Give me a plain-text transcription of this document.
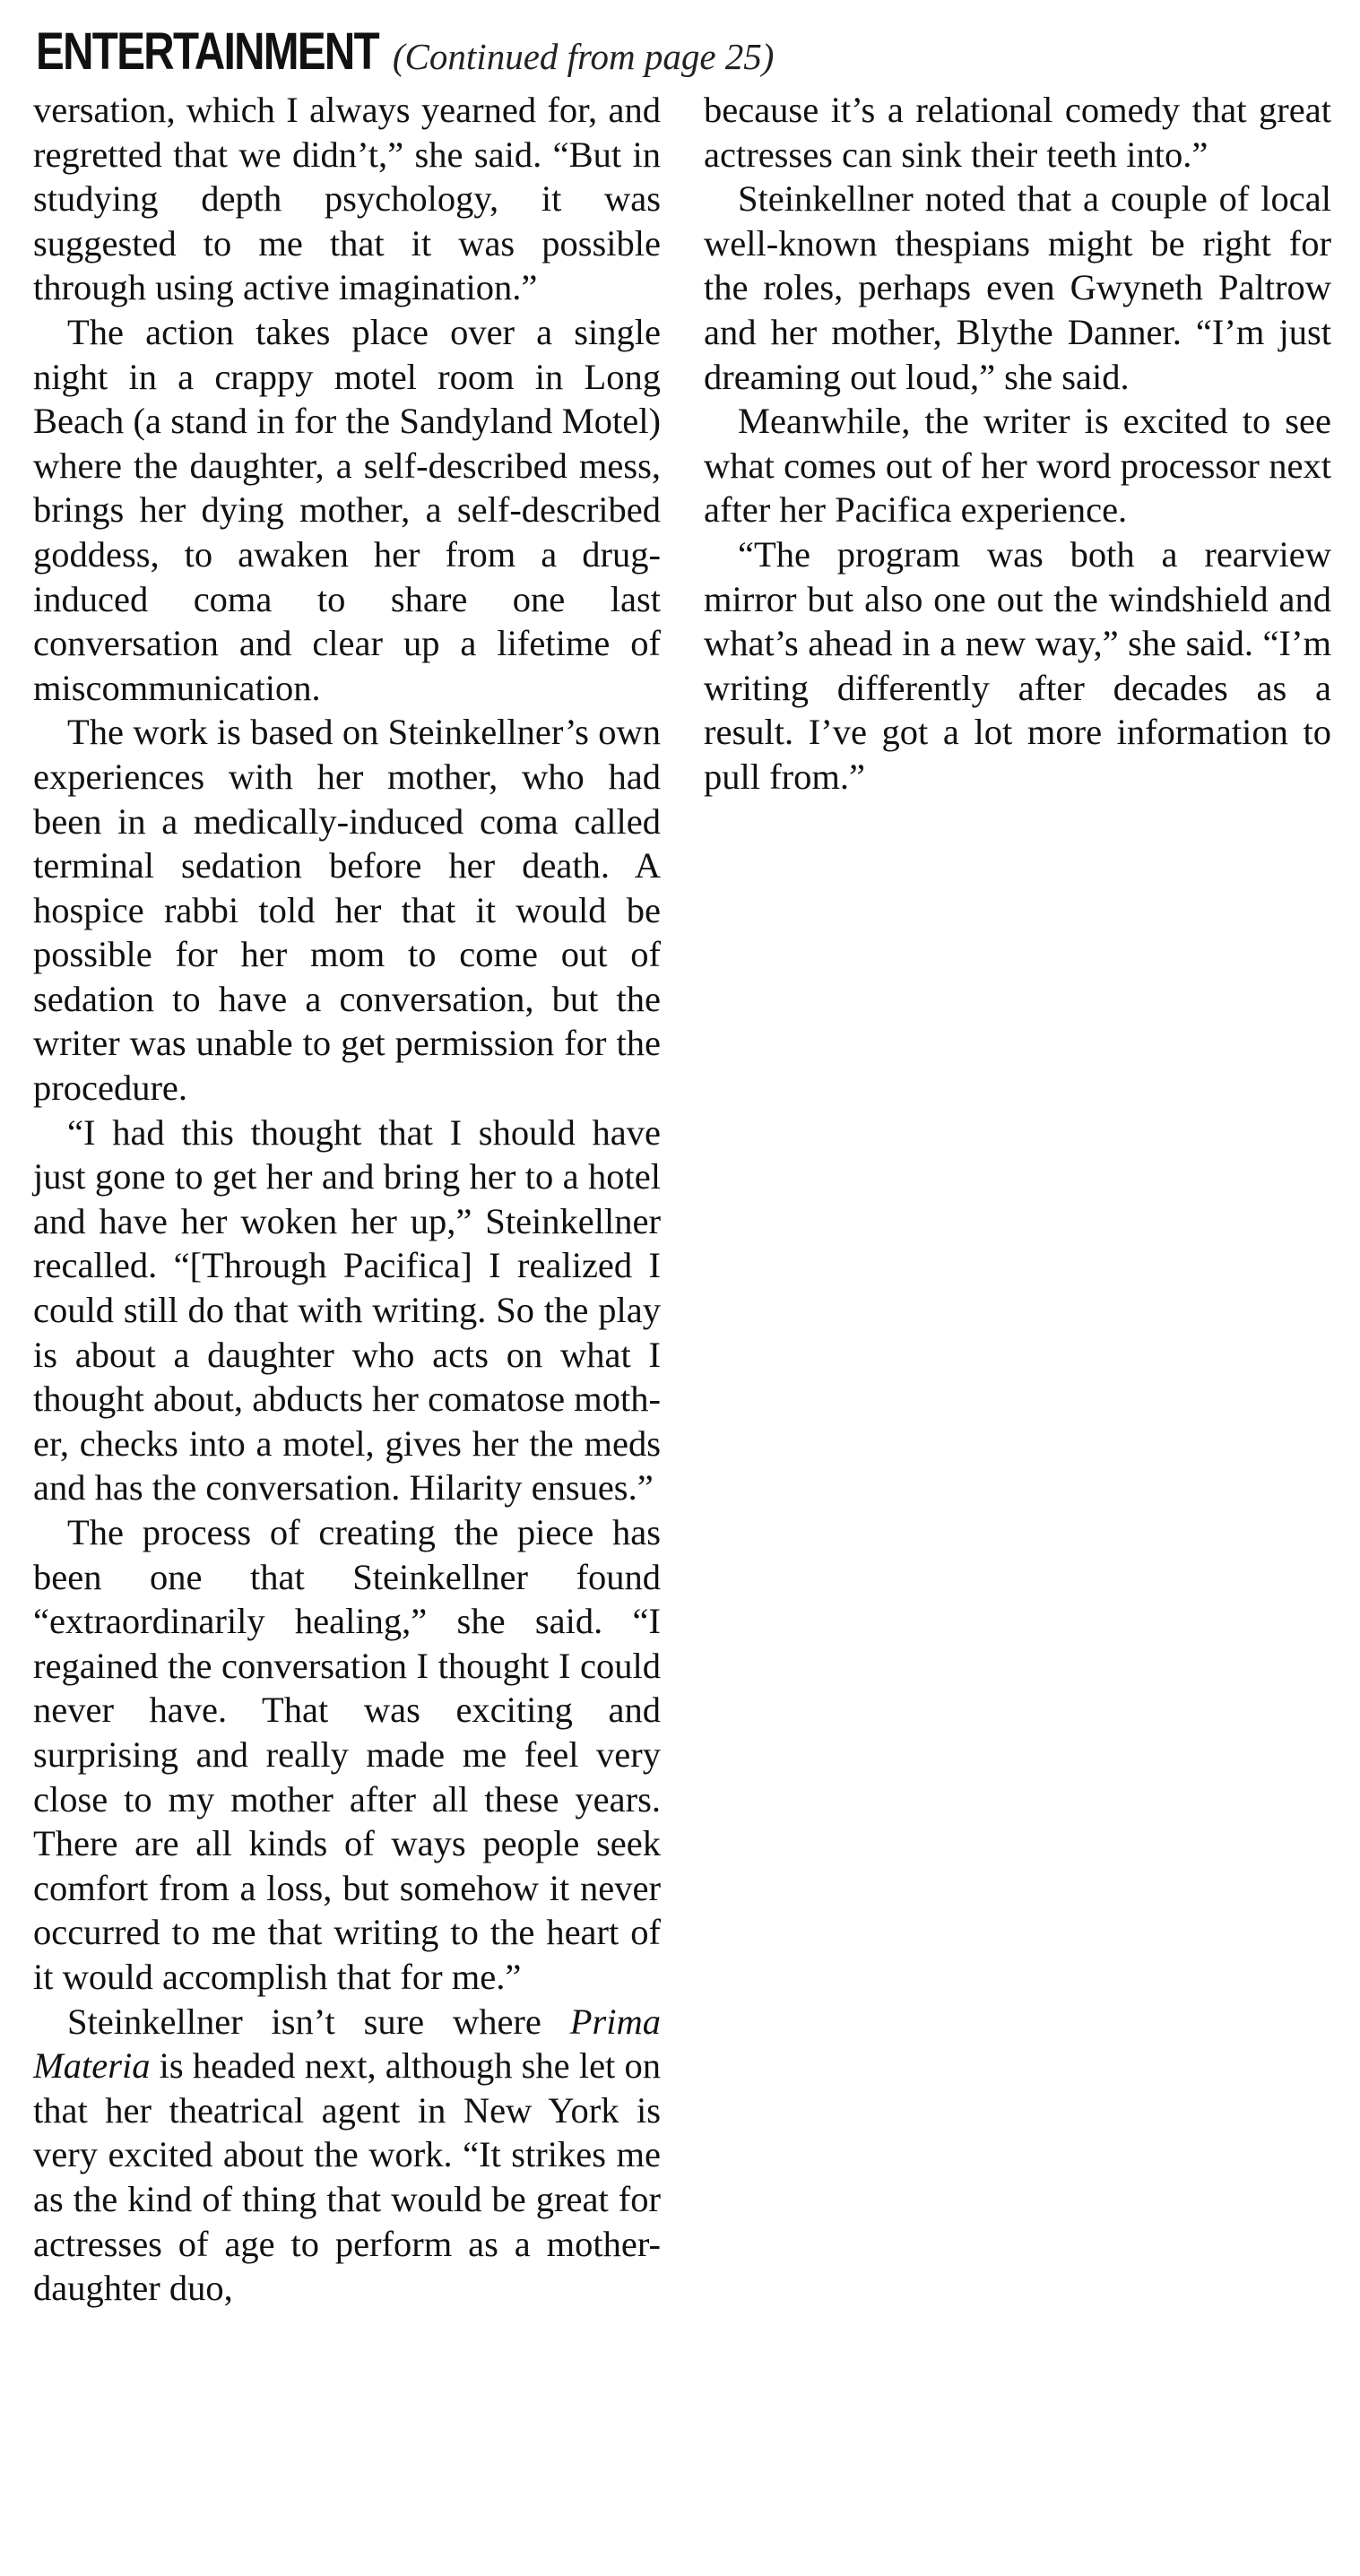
ENTERTAINMENT (Continued from page 25)

versation, which I always yearned for, and regretted that we didn’t,” she said. “But in studying depth psychology, it was suggested to me that it was possible through using active imagination.”

The action takes place over a single night in a crappy motel room in Long Beach (a stand in for the Sandyland Motel) where the daughter, a self-described mess, brings her dying mother, a self-described goddess, to awaken her from a drug-induced coma to share one last conversation and clear up a lifetime of miscommunication.

The work is based on Steinkellner’s own experiences with her mother, who had been in a medically-induced coma called terminal sedation before her death. A hospice rabbi told her that it would be possible for her mom to come out of sedation to have a conversation, but the writer was unable to get permission for the procedure.

“I had this thought that I should have just gone to get her and bring her to a hotel and have her woken her up,” Steinkellner recalled. “[Through Pacifica] I realized I could still do that with writing. So the play is about a daughter who acts on what I thought about, abducts her comatose mother, checks into a motel, gives her the meds and has the conversation. Hilarity ensues.”

The process of creating the piece has been one that Steinkellner found “extraordinarily healing,” she said. “I regained the conversation I thought I could never have. That was exciting and surprising and really made me feel very close to my mother after all these years. There are all kinds of ways people seek comfort from a loss, but somehow it never occurred to me that writing to the heart of it would accomplish that for me.”

Steinkellner isn’t sure where Prima Materia is headed next, although she let on that her theatrical agent in New York is very excited about the work. “It strikes me as the kind of thing that would be great for actresses of age to perform as a mother-daughter duo,

because it’s a relational comedy that great actresses can sink their teeth into.”

Steinkellner noted that a couple of local well-known thespians might be right for the roles, perhaps even Gwyneth Paltrow and her mother, Blythe Danner. “I’m just dreaming out loud,” she said.

Meanwhile, the writer is excited to see what comes out of her word processor next after her Pacifica experience.

“The program was both a rearview mirror but also one out the windshield and what’s ahead in a new way,” she said. “I’m writing differently after decades as a result. I’ve got a lot more information to pull from.”
